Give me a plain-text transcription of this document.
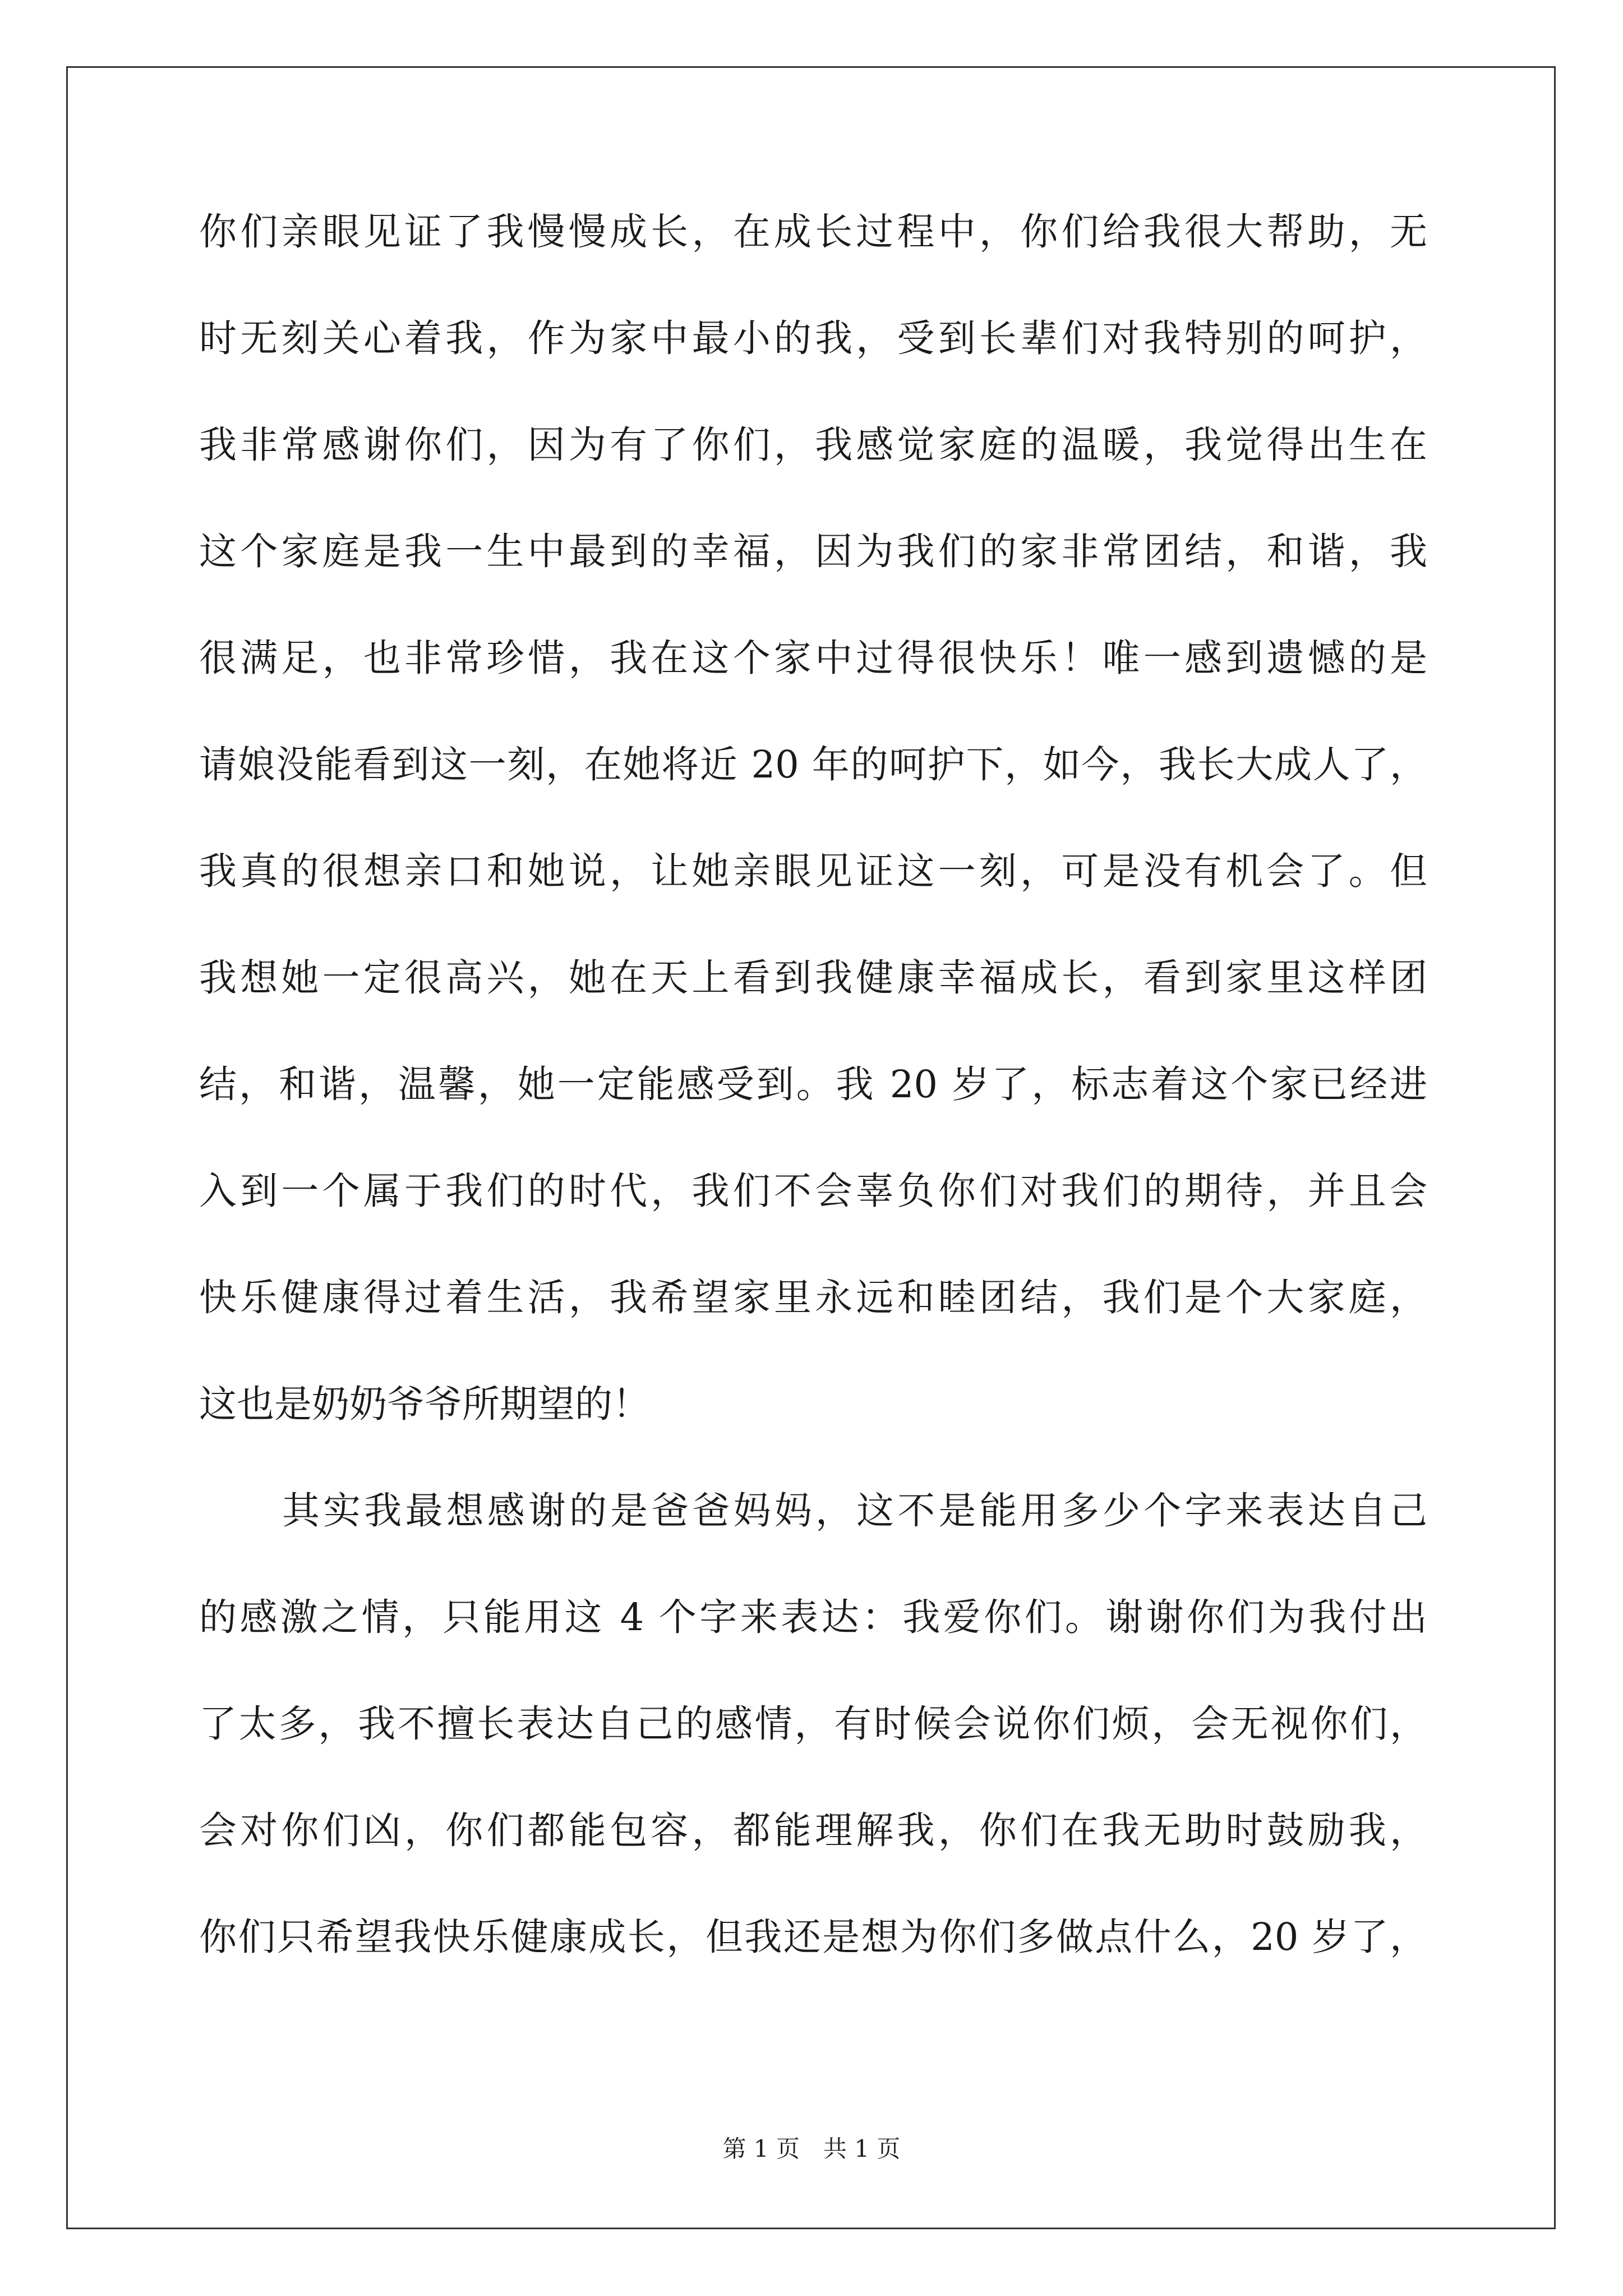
你们亲眼见证了我慢慢成长，在成长过程中，你们给我很大帮助，无
时无刻关心着我，作为家中最小的我，受到长辈们对我特别的呵护，
我非常感谢你们，因为有了你们，我感觉家庭的温暖，我觉得出生在
这个家庭是我一生中最到的幸福，因为我们的家非常团结，和谐，我
很满足，也非常珍惜，我在这个家中过得很快乐！唯一感到遗憾的是
请娘没能看到这一刻，在她将近 20 年的呵护下，如今，我长大成人了，
我真的很想亲口和她说，让她亲眼见证这一刻，可是没有机会了。但
我想她一定很高兴，她在天上看到我健康幸福成长，看到家里这样团
结，和谐，温馨，她一定能感受到。我 20 岁了，标志着这个家已经进
入到一个属于我们的时代，我们不会辜负你们对我们的期待，并且会
快乐健康得过着生活，我希望家里永远和睦团结，我们是个大家庭，
这也是奶奶爷爷所期望的！
其实我最想感谢的是爸爸妈妈，这不是能用多少个字来表达自己
的感激之情，只能用这 4 个字来表达：我爱你们。谢谢你们为我付出
了太多，我不擅长表达自己的感情，有时候会说你们烦，会无视你们，
会对你们凶，你们都能包容，都能理解我，你们在我无助时鼓励我，
你们只希望我快乐健康成长，但我还是想为你们多做点什么，20 岁了，
第 1 页　共 1 页
